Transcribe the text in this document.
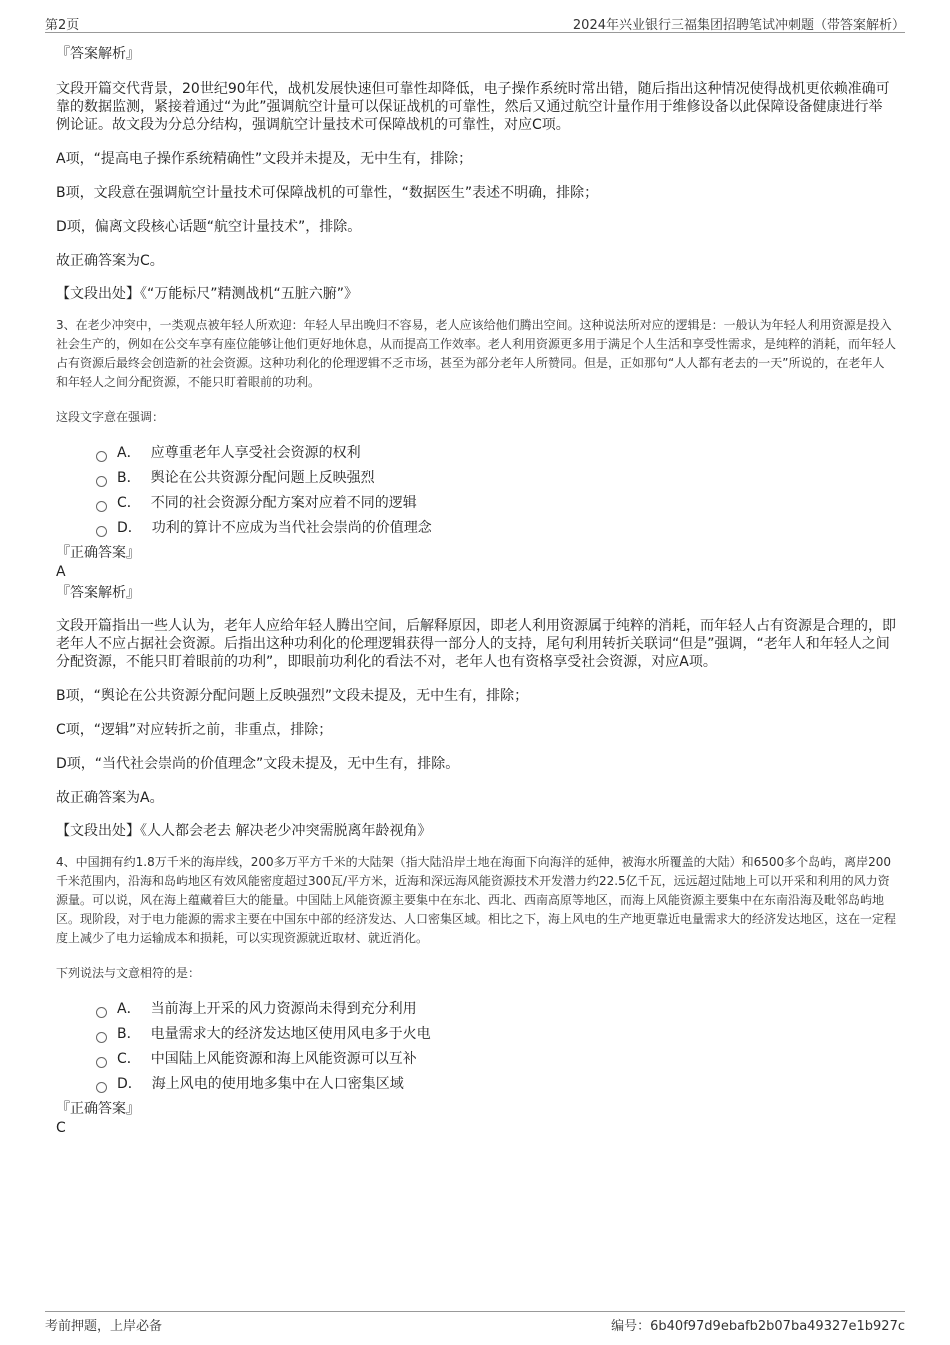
第2页	2024年兴业银行三福集团招聘笔试冲刺题（带答案解析）

『答案解析』

文段开篇交代背景，20世纪90年代，战机发展快速但可靠性却降低，电子操作系统时常出错，随后指出这种情况使得战机更依赖准确可靠的数据监测，紧接着通过“为此”强调航空计量可以保证战机的可靠性，然后又通过航空计量作用于维修设备以此保障设备健康进行举例论证。故文段为分总分结构，强调航空计量技术可保障战机的可靠性，对应C项。

A项，“提高电子操作系统精确性”文段并未提及，无中生有，排除；

B项，文段意在强调航空计量技术可保障战机的可靠性，“数据医生”表述不明确，排除；

D项，偏离文段核心话题“航空计量技术”，排除。

故正确答案为C。

【文段出处】《“万能标尺”精测战机“五脏六腑”》

3、在老少冲突中，一类观点被年轻人所欢迎：年轻人早出晚归不容易，老人应该给他们腾出空间。这种说法所对应的逻辑是：一般认为年轻人利用资源是投入社会生产的，例如在公交车享有座位能够让他们更好地休息，从而提高工作效率。老人利用资源更多用于满足个人生活和享受性需求，是纯粹的消耗，而年轻人占有资源后最终会创造新的社会资源。这种功利化的伦理逻辑不乏市场，甚至为部分老年人所赞同。但是，正如那句“人人都有老去的一天”所说的，在老年人和年轻人之间分配资源，不能只盯着眼前的功利。

这段文字意在强调：

A． 应尊重老年人享受社会资源的权利
B． 舆论在公共资源分配问题上反映强烈
C． 不同的社会资源分配方案对应着不同的逻辑
D． 功利的算计不应成为当代社会崇尚的价值理念

『正确答案』

A

『答案解析』

文段开篇指出一些人认为，老年人应给年轻人腾出空间，后解释原因，即老人利用资源属于纯粹的消耗，而年轻人占有资源是合理的，即老年人不应占据社会资源。后指出这种功利化的伦理逻辑获得一部分人的支持，尾句利用转折关联词“但是”强调，“老年人和年轻人之间分配资源，不能只盯着眼前的功利”，即眼前功利化的看法不对，老年人也有资格享受社会资源，对应A项。

B项，“舆论在公共资源分配问题上反映强烈”文段未提及，无中生有，排除；

C项，“逻辑”对应转折之前，非重点，排除；

D项，“当代社会崇尚的价值理念”文段未提及，无中生有，排除。

故正确答案为A。

【文段出处】《人人都会老去 解决老少冲突需脱离年龄视角》

4、中国拥有约1.8万千米的海岸线，200多万平方千米的大陆架（指大陆沿岸土地在海面下向海洋的延伸，被海水所覆盖的大陆）和6500多个岛屿，离岸200千米范围内，沿海和岛屿地区有效风能密度超过300瓦/平方米，近海和深远海风能资源技术开发潜力约22.5亿千瓦，远远超过陆地上可以开采和利用的风力资源量。可以说，风在海上蕴藏着巨大的能量。中国陆上风能资源主要集中在东北、西北、西南高原等地区，而海上风能资源主要集中在东南沿海及毗邻岛屿地区。现阶段，对于电力能源的需求主要在中国东中部的经济发达、人口密集区域。相比之下，海上风电的生产地更靠近电量需求大的经济发达地区，这在一定程度上减少了电力运输成本和损耗，可以实现资源就近取材、就近消化。

下列说法与文意相符的是：

A． 当前海上开采的风力资源尚未得到充分利用
B． 电量需求大的经济发达地区使用风电多于火电
C． 中国陆上风能资源和海上风能资源可以互补
D． 海上风电的使用地多集中在人口密集区域

『正确答案』

C

考前押题，上岸必备	编号：6b40f97d9ebafb2b07ba49327e1b927c
